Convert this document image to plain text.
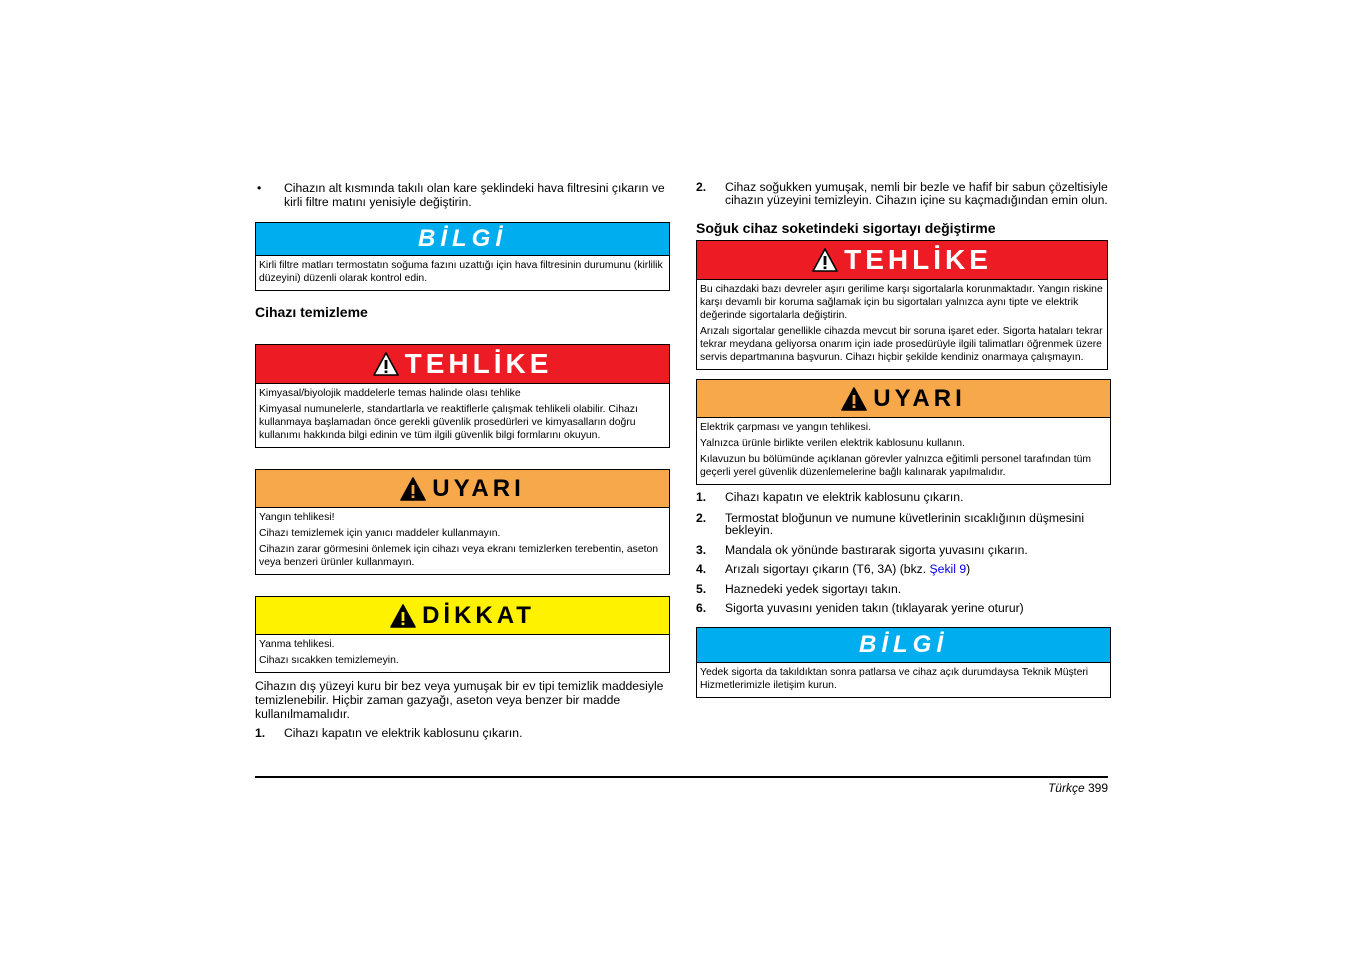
•	Cihazın alt kısmında takılı olan kare şeklindeki hava filtresini çıkarın ve kirli filtre matını yenisiyle değiştirin.
BİLGİ

Kirli filtre matları termostatın soğuma fazını uzattığı için hava filtresinin durumunu (kirlilik düzeyini) düzenli olarak kontrol edin.

Cihazı temizleme
TEHLİKE

Kimyasal/biyolojik maddelerle temas halinde olası tehlike

Kimyasal numunelerle, standartlarla ve reaktiflerle çalışmak tehlikeli olabilir. Cihazı kullanmaya başlamadan önce gerekli güvenlik prosedürleri ve kimyasalların doğru kullanımı hakkında bilgi edinin ve tüm ilgili güvenlik bilgi formlarını okuyun.

UYARI

Yangın tehlikesi!

Cihazı temizlemek için yanıcı maddeler kullanmayın.

Cihazın zarar görmesini önlemek için cihazı veya ekranı temizlerken terebentin, aseton veya benzeri ürünler kullanmayın.

DİKKAT

Yanma tehlikesi.

Cihazı sıcakken temizlemeyin.

Cihazın dış yüzeyi kuru bir bez veya yumuşak bir ev tipi temizlik maddesiyle temizlenebilir. Hiçbir zaman gazyağı, aseton veya benzer bir madde kullanılmamalıdır.

1.	Cihazı kapatın ve elektrik kablosunu çıkarın.
2.	Cihaz soğukken yumuşak, nemli bir bezle ve hafif bir sabun çözeltisiyle cihazın yüzeyini temizleyin. Cihazın içine su kaçmadığından emin olun.
Soğuk cihaz soketindeki sigortayı değiştirme
TEHLİKE

Bu cihazdaki bazı devreler aşırı gerilime karşı sigortalarla korunmaktadır. Yangın riskine karşı devamlı bir koruma sağlamak için bu sigortaları yalnızca aynı tipte ve elektrik değerinde sigortalarla değiştirin.

Arızalı sigortalar genellikle cihazda mevcut bir soruna işaret eder. Sigorta hataları tekrar tekrar meydana geliyorsa onarım için iade prosedürüyle ilgili talimatları öğrenmek üzere servis departmanına başvurun. Cihazı hiçbir şekilde kendiniz onarmaya çalışmayın.

UYARI

Elektrik çarpması ve yangın tehlikesi.

Yalnızca ürünle birlikte verilen elektrik kablosunu kullanın.

Kılavuzun bu bölümünde açıklanan görevler yalnızca eğitimli personel tarafından tüm geçerli yerel güvenlik düzenlemelerine bağlı kalınarak yapılmalıdır.

1.	Cihazı kapatın ve elektrik kablosunu çıkarın.
2.	Termostat bloğunun ve numune küvetlerinin sıcaklığının düşmesini bekleyin.
3.	Mandala ok yönünde bastırarak sigorta yuvasını çıkarın.
4.	Arızalı sigortayı çıkarın (T6, 3A) (bkz. Şekil 9)
5.	Haznedeki yedek sigortayı takın.
6.	Sigorta yuvasını yeniden takın (tıklayarak yerine oturur)
BİLGİ

Yedek sigorta da takıldıktan sonra patlarsa ve cihaz açık durumdaysa Teknik Müşteri Hizmetlerimizle iletişim kurun.

Türkçe 399
